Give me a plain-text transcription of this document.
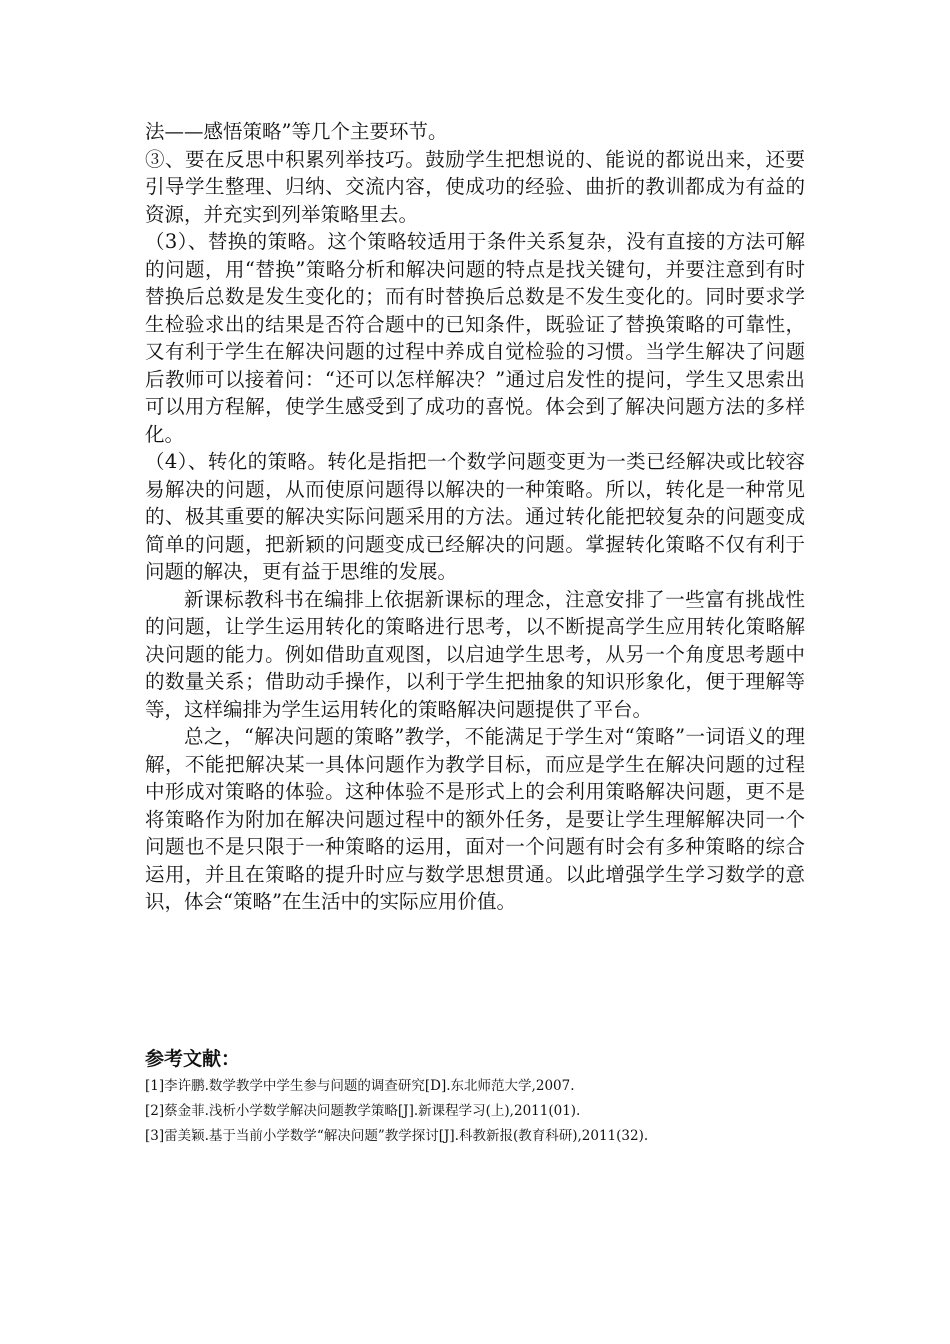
法——感悟策略”等几个主要环节。

③、要在反思中积累列举技巧。鼓励学生把想说的、能说的都说出来，还要引导学生整理、归纳、交流内容，使成功的经验、曲折的教训都成为有益的资源，并充实到列举策略里去。

（3）、替换的策略。这个策略较适用于条件关系复杂，没有直接的方法可解的问题，用“替换”策略分析和解决问题的特点是找关键句，并要注意到有时替换后总数是发生变化的；而有时替换后总数是不发生变化的。同时要求学生检验求出的结果是否符合题中的已知条件，既验证了替换策略的可靠性，又有利于学生在解决问题的过程中养成自觉检验的习惯。当学生解决了问题后教师可以接着问：“还可以怎样解决？”通过启发性的提问，学生又思索出可以用方程解，使学生感受到了成功的喜悦。体会到了解决问题方法的多样化。

（4）、转化的策略。转化是指把一个数学问题变更为一类已经解决或比较容易解决的问题，从而使原问题得以解决的一种策略。所以，转化是一种常见的、极其重要的解决实际问题采用的方法。通过转化能把较复杂的问题变成简单的问题，把新颖的问题变成已经解决的问题。掌握转化策略不仅有利于问题的解决，更有益于思维的发展。

新课标教科书在编排上依据新课标的理念，注意安排了一些富有挑战性的问题，让学生运用转化的策略进行思考，以不断提高学生应用转化策略解决问题的能力。例如借助直观图，以启迪学生思考，从另一个角度思考题中的数量关系；借助动手操作，以利于学生把抽象的知识形象化，便于理解等等，这样编排为学生运用转化的策略解决问题提供了平台。

总之，“解决问题的策略”教学，不能满足于学生对“策略”一词语义的理解，不能把解决某一具体问题作为教学目标，而应是学生在解决问题的过程中形成对策略的体验。这种体验不是形式上的会利用策略解决问题，更不是将策略作为附加在解决问题过程中的额外任务，是要让学生理解解决同一个问题也不是只限于一种策略的运用，面对一个问题有时会有多种策略的综合运用，并且在策略的提升时应与数学思想贯通。以此增强学生学习数学的意识，体会“策略”在生活中的实际应用价值。

参考文献：
[1]李许鹏.数学教学中学生参与问题的调查研究[D].东北师范大学,2007.
[2]蔡金菲.浅析小学数学解决问题教学策略[J].新课程学习(上),2011(01).
[3]雷美颖.基于当前小学数学“解决问题”教学探讨[J].科教新报(教育科研),2011(32).
